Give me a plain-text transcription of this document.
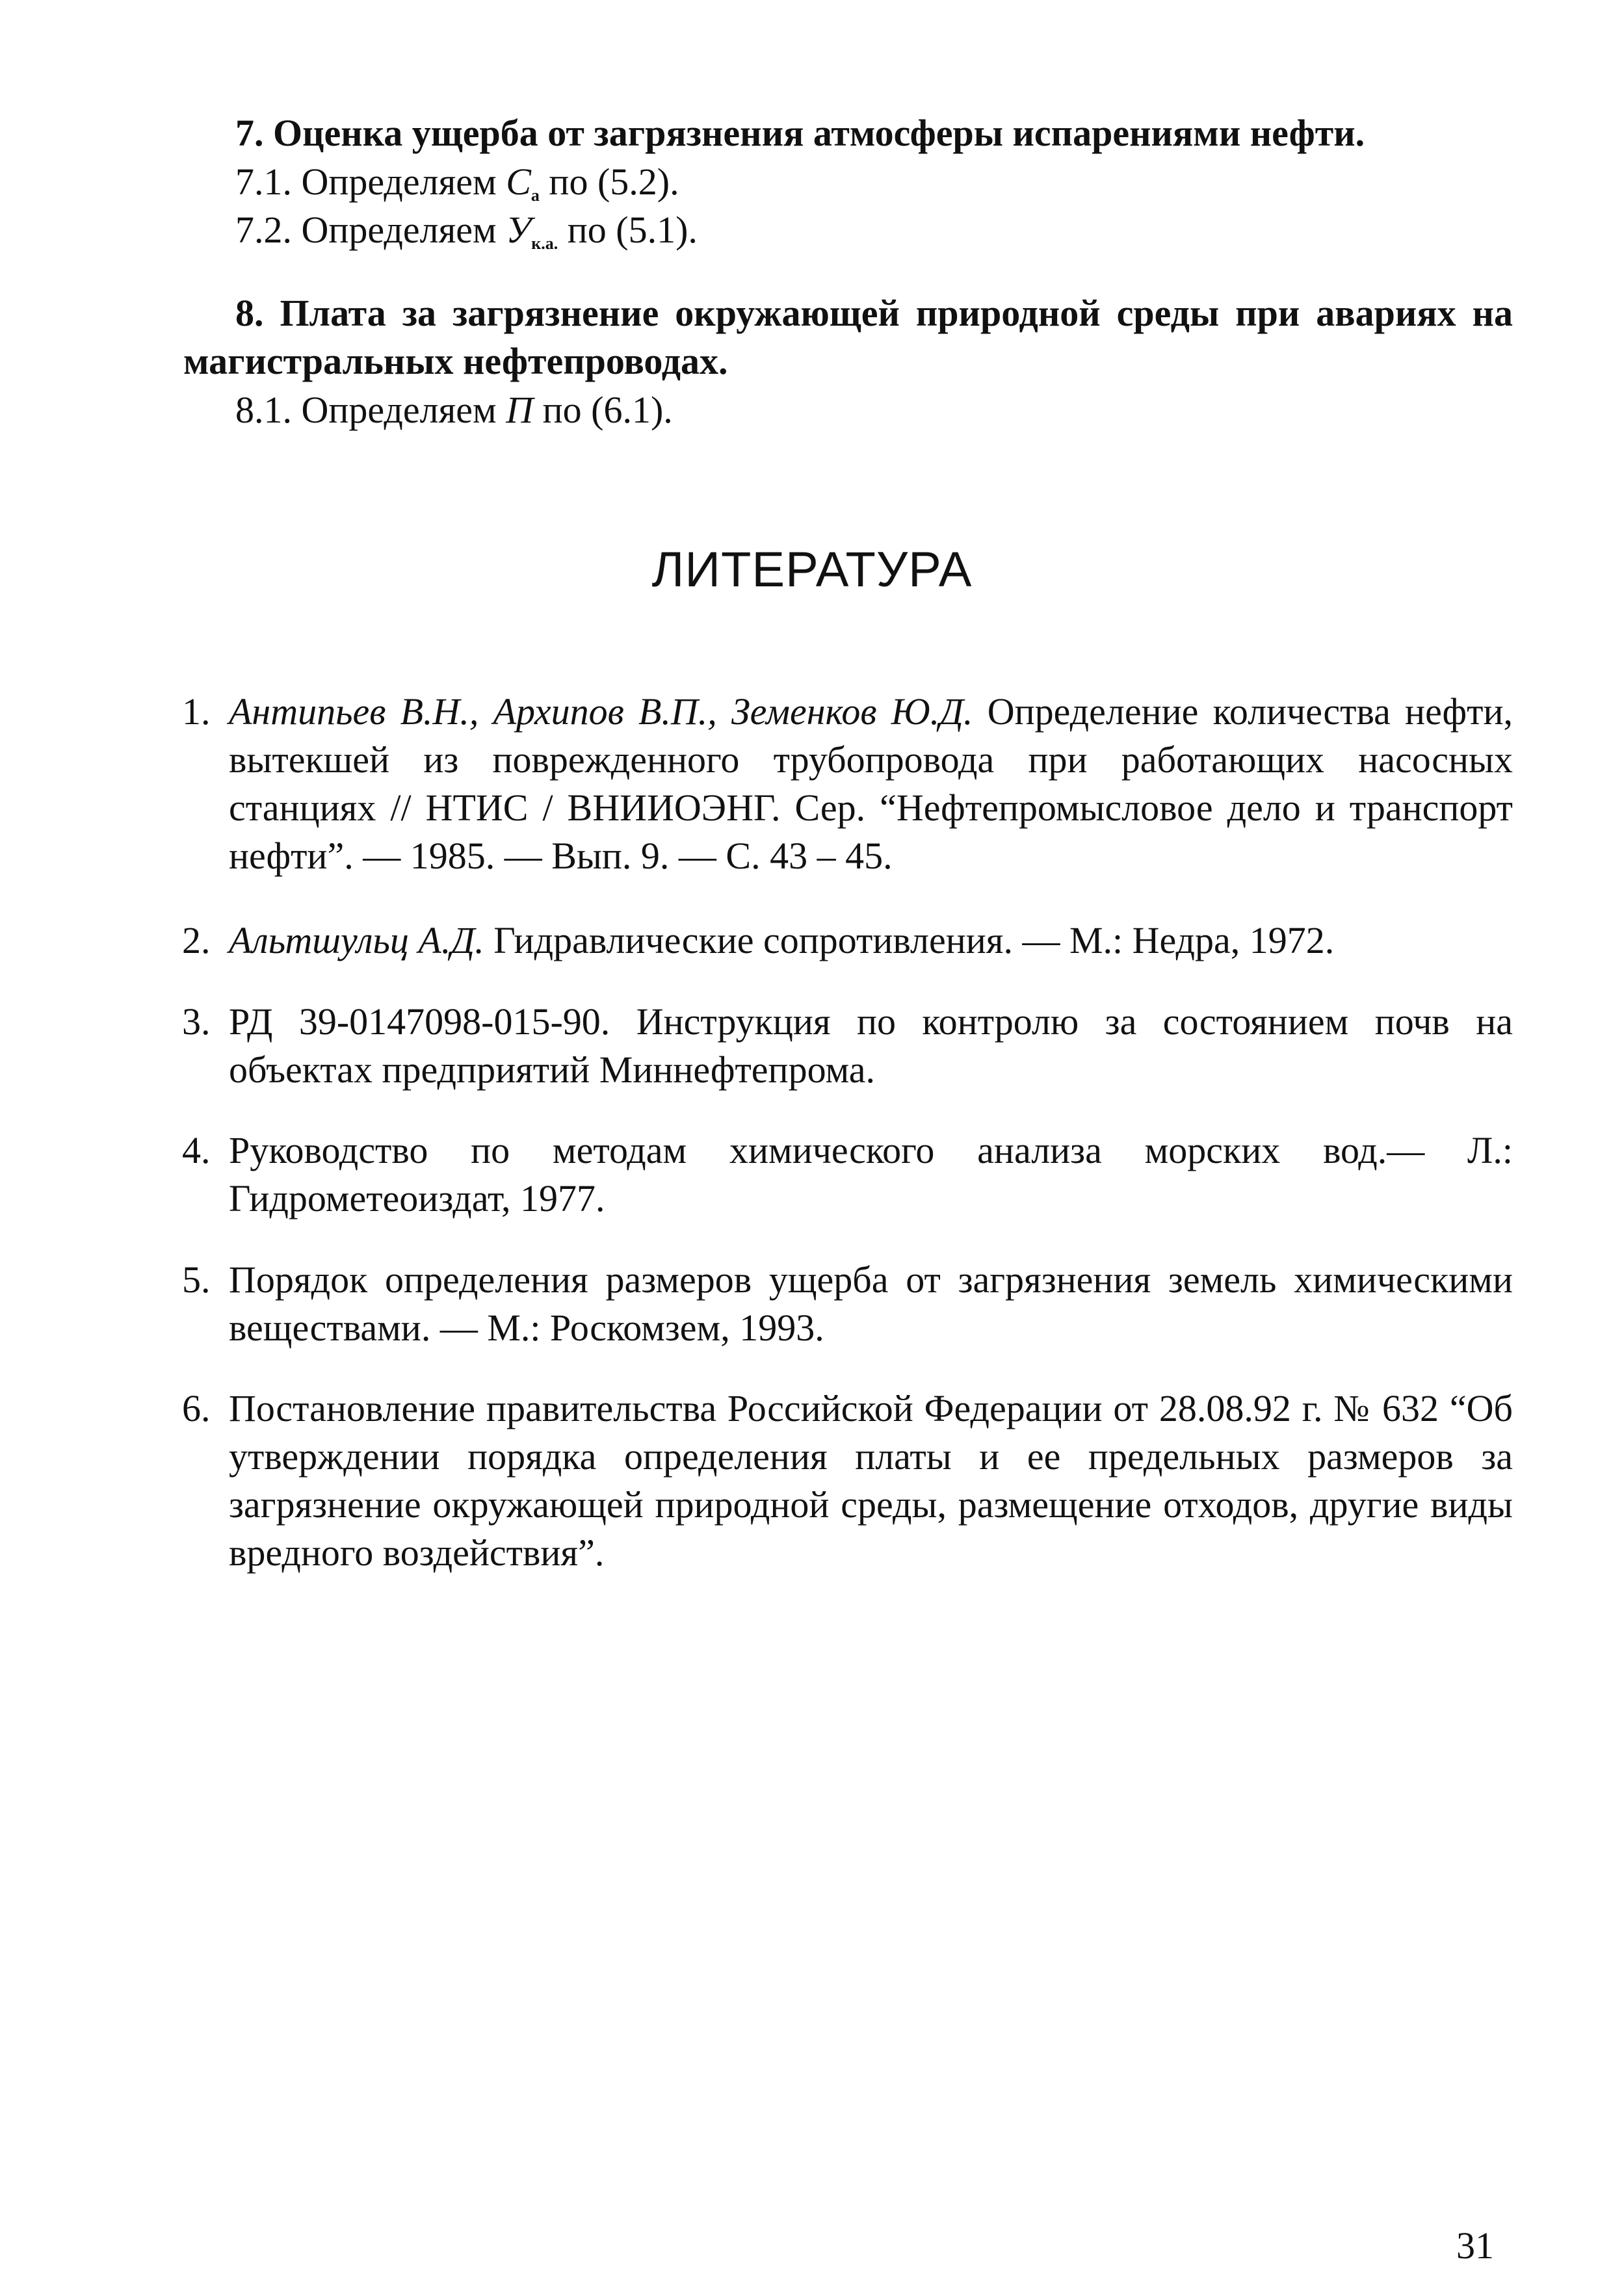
7. Оценка ущерба от загрязнения атмосферы испарениями нефти.

7.1. Определяем $C_a$ по (5.2).

7.2. Определяем $У_{к.а.}$ по (5.1).

8. Плата за загрязнение окружающей природной среды при авариях на магистральных нефтепроводах.

8.1. Определяем П по (6.1).

ЛИТЕРАТУРА
1. Антипьев В.Н., Архипов В.П., Земенков Ю.Д. Определение количества нефти, вытекшей из поврежденного трубопровода при работающих насосных станциях // НТИС / ВНИИОЭНГ. Сер. “Нефтепромысловое дело и транспорт нефти”. — 1985. — Вып. 9. — С. 43 – 45.
2. Альтшульц А.Д. Гидравлические сопротивления. — М.: Недра, 1972.
3. РД 39-0147098-015-90. Инструкция по контролю за состоянием почв на объектах предприятий Миннефтепрома.
4. Руководство по методам химического анализа морских вод.— Л.: Гидрометеоиздат, 1977.
5. Порядок определения размеров ущерба от загрязнения земель химическими веществами. — М.: Роскомзем, 1993.
6. Постановление правительства Российской Федерации от 28.08.92 г. № 632 “Об утверждении порядка определения платы и ее предельных размеров за загрязнение окружающей природной среды, размещение отходов, другие виды вредного воздействия”.
31
